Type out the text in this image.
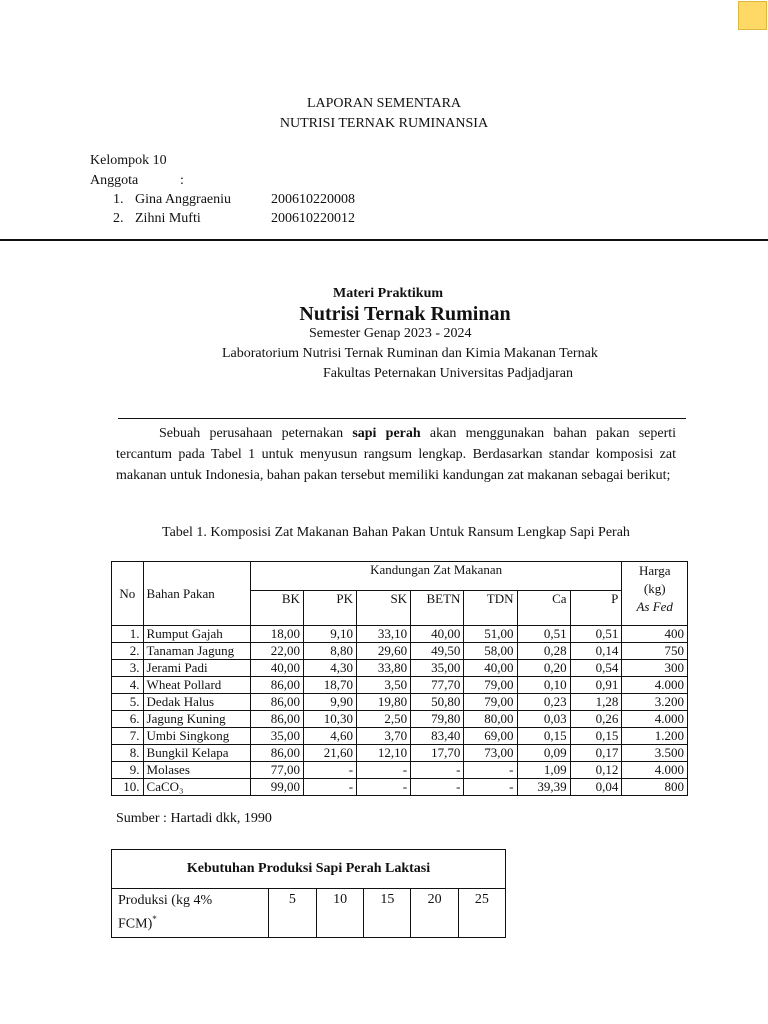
LAPORAN SEMENTARA
NUTRISI TERNAK RUMINANSIA
Kelompok 10
Anggota	:
1. Gina Anggraeniu	200610220008
2. Zihni Mufti	200610220012
Materi Praktikum
Nutrisi Ternak Ruminan
Semester Genap 2023 - 2024
Laboratorium Nutrisi Ternak Ruminan dan Kimia Makanan Ternak
Fakultas Peternakan Universitas Padjadjaran

Sebuah perusahaan peternakan sapi perah akan menggunakan bahan pakan seperti tercantum pada Tabel 1 untuk menyusun rangsum lengkap. Berdasarkan standar komposisi zat makanan untuk Indonesia, bahan pakan tersebut memiliki kandungan zat makanan sebagai berikut;

Tabel 1. Komposisi Zat Makanan Bahan Pakan Untuk Ransum Lengkap Sapi Perah
No	Bahan Pakan	Kandungan Zat Makanan							Harga
(kg)
As Fed

		BK	PK	SK	BETN	TDN	Ca	P	
1.	Rumput Gajah	18,00	9,10	33,10	40,00	51,00	0,51	0,51	400
2.	Tanaman Jagung	22,00	8,80	29,60	49,50	58,00	0,28	0,14	750
3.	Jerami Padi	40,00	4,30	33,80	35,00	40,00	0,20	0,54	300
4.	Wheat Pollard	86,00	18,70	3,50	77,70	79,00	0,10	0,91	4.000
5.	Dedak Halus	86,00	9,90	19,80	50,80	79,00	0,23	1,28	3.200
6.	Jagung Kuning	86,00	10,30	2,50	79,80	80,00	0,03	0,26	4.000
7.	Umbi Singkong	35,00	4,60	3,70	83,40	69,00	0,15	0,15	1.200
8.	Bungkil Kelapa	86,00	21,60	12,10	17,70	73,00	0,09	0,17	3.500
9.	Molases	77,00	-	-	-	-	1,09	0,12	4.000
10.	CaCO₃	99,00	-	-	-	-	39,39	0,04	800
Sumber : Hartadi dkk, 1990
Kebutuhan Produksi Sapi Perah Laktasi
Produksi (kg 4%
FCM)*	5	10	15	20	25
